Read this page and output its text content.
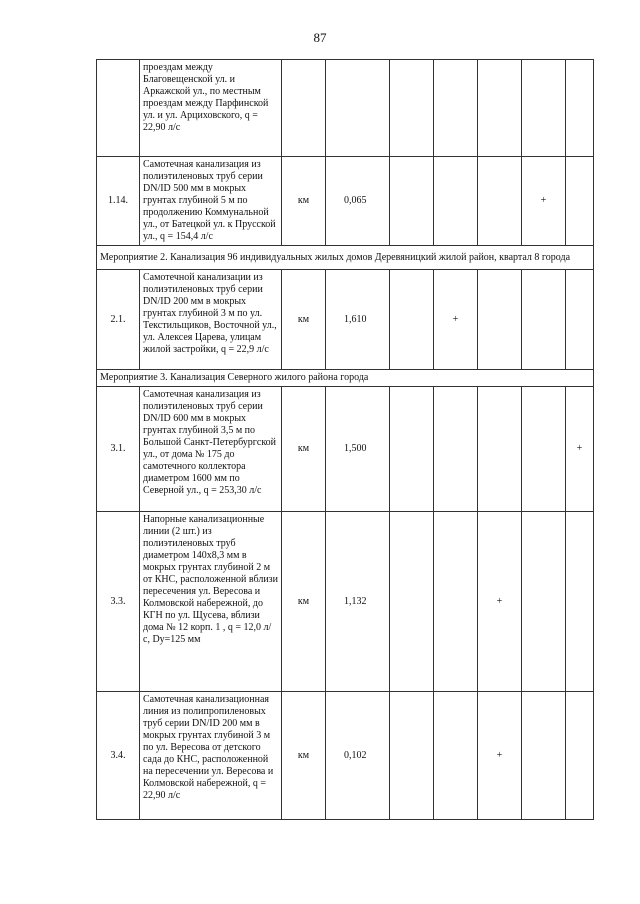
87
	проездам между Благовещенской ул. и Аркажской ул., по местным проездам между Парфинской ул. и ул. Арциховского, q = 22,90 л/с							
1.14.	Самотечная канализация из полиэтиленовых труб серии DN/ID 500 мм в мокрых грунтах глубиной 5 м по продолжению Коммунальной ул., от Батецкой ул. к Прусской ул., q = 154,4 л/с	км	0,065				+	
Мероприятие 2. Канализация 96 индивидуальных жилых домов Деревяницкий жилой район, квартал 8 города								
2.1.	Самотечной канализации из полиэтиленовых труб серии DN/ID 200 мм в мокрых грунтах глубиной 3 м по ул. Текстильщиков, Восточной ул., ул. Алексея Царева, улицам жилой застройки, q = 22,9 л/с	км	1,610		+			
Мероприятие 3. Канализация Северного жилого района города								
3.1.	Самотечная канализация из полиэтиленовых труб серии DN/ID 600 мм в мокрых грунтах глубиной 3,5 м по Большой Санкт-Петербургской ул., от дома № 175 до самотечного коллектора диаметром 1600 мм по Северной ул., q = 253,30 л/с	км	1,500					+
3.3.	Напорные канализационные линии (2 шт.) из полиэтиленовых труб диаметром 140х8,3 мм в мокрых грунтах глубиной 2 м от КНС, расположенной вблизи пересечения ул. Вересова и Колмовской набережной, до КГН по ул. Щусева, вблизи дома № 12 корп. 1 , q = 12,0 л/с, Dу=125 мм	км	1,132			+		
3.4.	Самотечная канализационная линия из полипропиленовых труб серии DN/ID 200 мм в мокрых грунтах глубиной 3 м по ул. Вересова от детского сада до КНС, расположенной на пересечении ул. Вересова и Колмовской набережной, q = 22,90 л/с	км	0,102			+		
